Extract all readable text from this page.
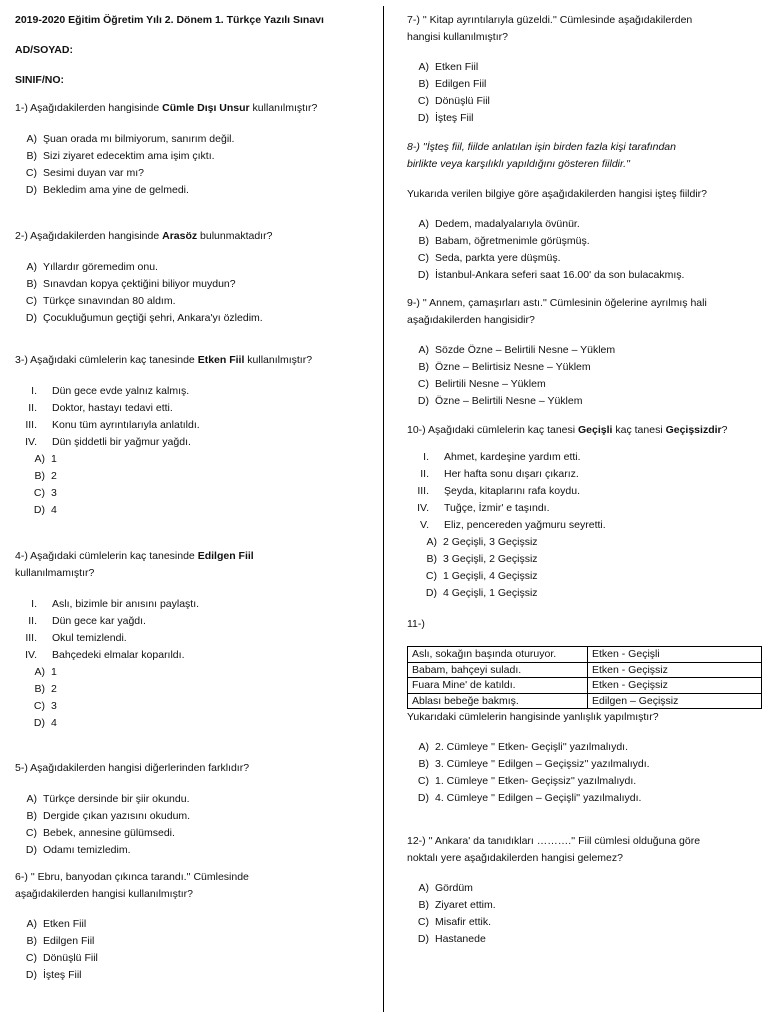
2019-2020 Eğitim Öğretim Yılı 2. Dönem 1. Türkçe Yazılı Sınavı
AD/SOYAD:
SINIF/NO:
1-) Aşağıdakilerden hangisinde Cümle Dışı Unsur kullanılmıştır?
A) Şuan orada mı bilmiyorum, sanırım değil.
B) Sizi ziyaret edecektim ama işim çıktı.
C) Sesimi duyan var mı?
D) Bekledim ama yine de gelmedi.
2-) Aşağıdakilerden hangisinde Arasöz bulunmaktadır?
A) Yıllardır göremedim onu.
B) Sınavdan kopya çektiğini biliyor muydun?
C) Türkçe sınavından 80 aldım.
D) Çocukluğumun geçtiği şehri, Ankara'yı özledim.
3-) Aşağıdaki cümlelerin kaç tanesinde Etken Fiil kullanılmıştır?
I.	Dün gece evde yalnız kalmış.
II.	Doktor, hastayı tedavi etti.
III.	Konu tüm ayrıntılarıyla anlatıldı.
IV.	Dün şiddetli bir yağmur yağdı.
A) 1
B) 2
C) 3
D) 4
4-) Aşağıdaki cümlelerin kaç tanesinde Edilgen Fiil
kullanılmamıştır?
I.	Aslı, bizimle bir anısını paylaştı.
II.	Dün gece kar yağdı.
III.	Okul temizlendi.
IV.	Bahçedeki elmalar koparıldı.
A) 1
B) 2
C) 3
D) 4
5-) Aşağıdakilerden hangisi diğerlerinden farklıdır?
A) Türkçe dersinde bir şiir okundu.
B) Dergide çıkan yazısını okudum.
C) Bebek, annesine gülümsedi.
D) Odamı temizledim.
6-) '' Ebru, banyodan çıkınca tarandı.'' Cümlesinde
aşağıdakilerden hangisi kullanılmıştır?
A) Etken Fiil
B) Edilgen Fiil
C) Dönüşlü Fiil
D) İşteş Fiil
7-) '' Kitap ayrıntılarıyla güzeldi.'' Cümlesinde aşağıdakilerden
hangisi kullanılmıştır?
A) Etken Fiil
B) Edilgen Fiil
C) Dönüşlü Fiil
D) İşteş Fiil
8-) ''İşteş fiil, fiilde anlatılan işin birden fazla kişi tarafından
birlikte veya karşılıklı yapıldığını gösteren fiildir.''
Yukarıda verilen bilgiye göre aşağıdakilerden hangisi işteş fiildir?
A) Dedem, madalyalarıyla övünür.
B) Babam, öğretmenimle görüşmüş.
C) Seda, parkta yere düşmüş.
D) İstanbul-Ankara seferi saat 16.00' da son bulacakmış.
9-) '' Annem, çamaşırları astı.'' Cümlesinin öğelerine ayrılmış hali
aşağıdakilerden hangisidir?
A) Sözde Özne – Belirtili Nesne – Yüklem
B) Özne – Belirtisiz Nesne – Yüklem
C) Belirtili Nesne – Yüklem
D) Özne – Belirtili Nesne – Yüklem
10-) Aşağıdaki cümlelerin kaç tanesi Geçişli kaç tanesi Geçişsizdir?
I.	Ahmet, kardeşine yardım etti.
II.	Her hafta sonu dışarı çıkarız.
III.	Şeyda, kitaplarını rafa koydu.
IV.	Tuğçe, İzmir' e taşındı.
V.	Eliz, pencereden yağmuru seyretti.
A) 2 Geçişli, 3 Geçişsiz
B) 3 Geçişli, 2 Geçişsiz
C) 1 Geçişli, 4 Geçişsiz
D) 4 Geçişli, 1 Geçişsiz
11-)
Aslı, sokağın başında oturuyor.	Etken - Geçişli
Babam, bahçeyi suladı.	Etken - Geçişsiz
Fuara Mine' de katıldı.	Etken - Geçişsiz
Ablası bebeğe bakmış.	Edilgen – Geçişsiz
Yukarıdaki cümlelerin hangisinde yanlışlık yapılmıştır?
A) 2. Cümleye '' Etken- Geçişli'' yazılmalıydı.
B) 3. Cümleye '' Edilgen – Geçişsiz'' yazılmalıydı.
C) 1. Cümleye '' Etken- Geçişsiz'' yazılmalıydı.
D) 4. Cümleye '' Edilgen – Geçişli'' yazılmalıydı.
12-) '' Ankara' da tanıdıkları ……….'' Fiil cümlesi olduğuna göre
noktalı yere aşağıdakilerden hangisi gelemez?
A) Gördüm
B) Ziyaret ettim.
C) Misafir ettik.
D) Hastanede
